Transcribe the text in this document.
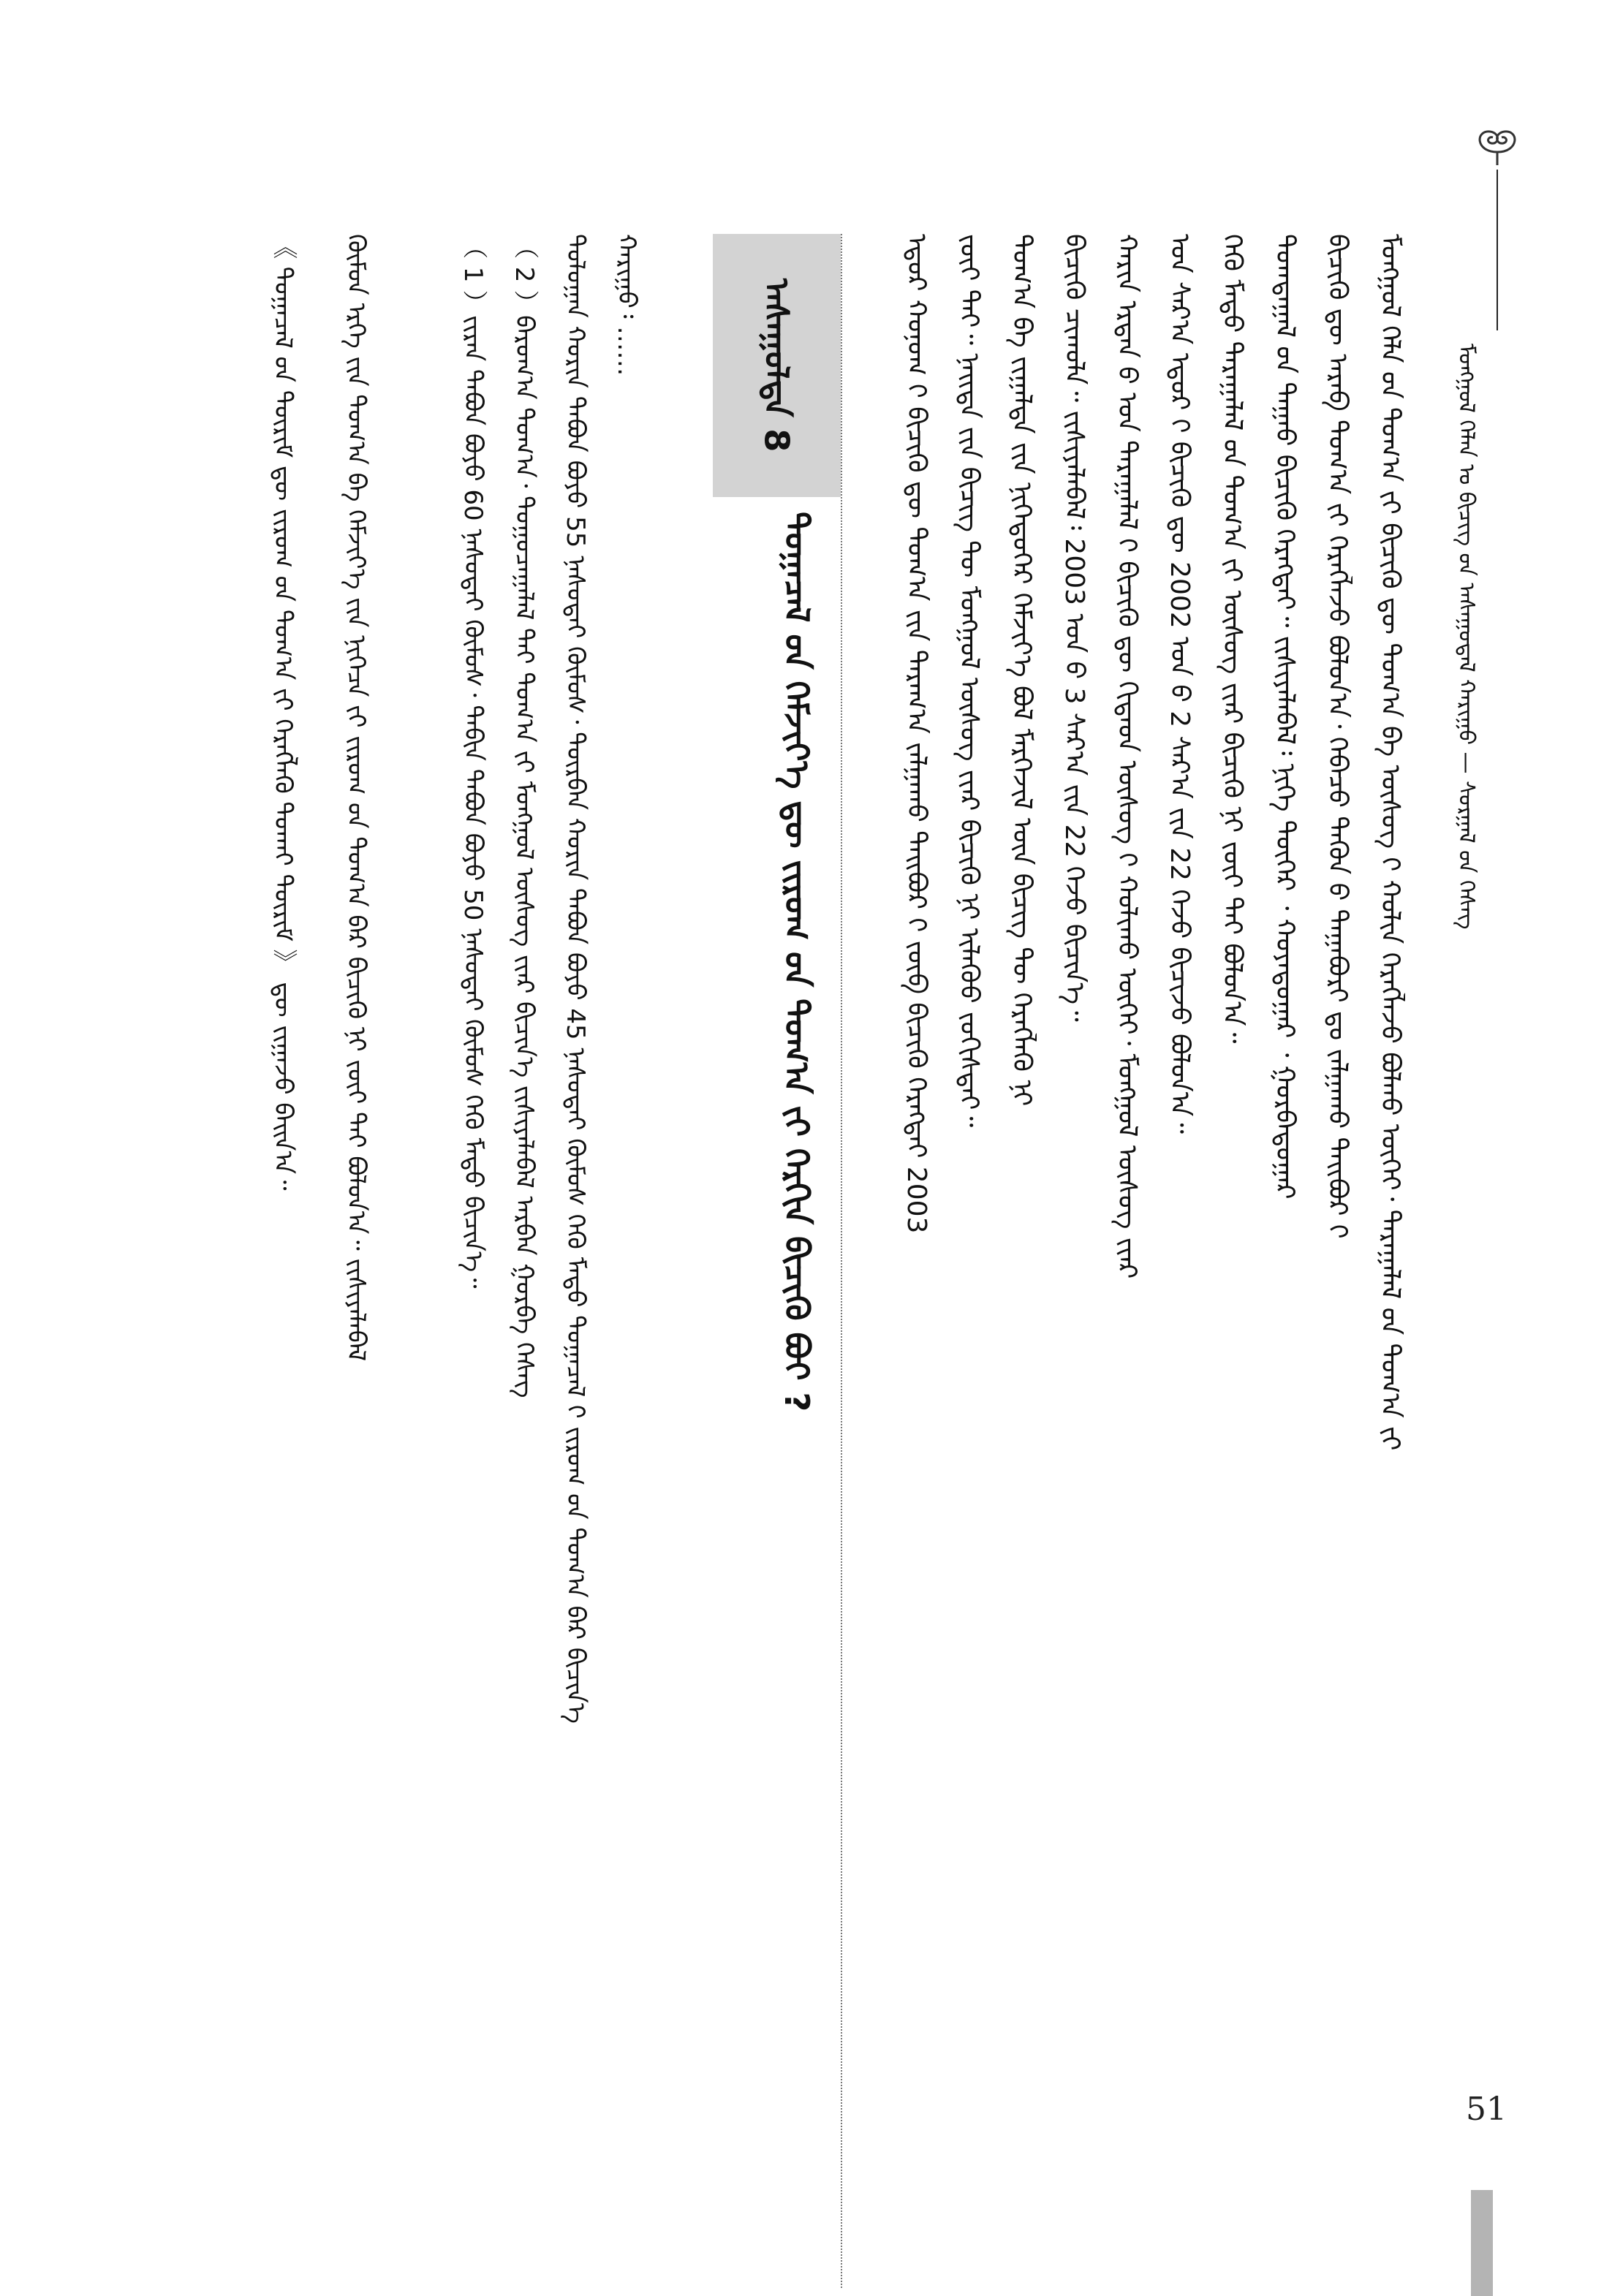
ᠮᠣᠩᠭᠣᠯ ᠬᠡᠯᠡᠨ ᠤ ᠪᠢᠴᠢᠭ ᠤ᠋ᠨ ᠠᠰᠠᠭᠤᠳᠠᠯ ᠬᠠᠷᠢᠭᠤ — ᠰᠤᠷᠭᠠᠯ ᠤ᠋ᠨ ᠬᠡᠰᠡᠭ
ᠮᠣᠩᠭᠣᠯ ᠬᠡᠯᠡ ᠤ᠋ᠨ ᠲᠣᠭ᠎ᠠ ᠶ᠋ᠢ ᠪᠢᠴᠢᠬᠦ ᠳᠦ ᠲᠣᠭ᠎ᠠ ᠪᠠ ᠦᠰᠦᠭ ᠢ᠋ ᠬᠣᠯᠢᠨ ᠬᠡᠷᠡᠭᠯᠡᠵᠦ ᠪᠣᠯᠬᠤ ᠦᠭᠡᠢ᠂ ᠳᠠᠷᠠᠭᠠᠯᠠᠯ ᠤ᠋ᠨ ᠲᠣᠭ᠎ᠠ ᠶ᠋ᠢ
ᠪᠢᠴᠢᠬᠦ ᠳᠦ ᠠᠷᠠᠪ ᠲᠣᠭ᠎ᠠ ᠶ᠋ᠢ ᠬᠡᠷᠡᠭᠯᠡᠵᠦ ᠪᠣᠯᠣᠨ᠎ᠠ᠂ ᠭᠡᠪᠡᠴᠦ ᠲᠡᠭᠦᠨ ᠦ᠌ ᠳᠠᠭᠠᠪᠤᠷᠢ ᠳᠤ ᠵᠠᠯᠭᠠᠬᠤ ᠳᠠᠢᠪᠤᠷ ᠢ᠋
ᠲᠣᠭᠲᠠᠭᠠᠯ ᠤ᠋ᠨ ᠳᠠᠭᠠᠤ ᠪᠢᠴᠢᠬᠦ ᠬᠡᠷᠡᠭᠲᠡᠢ᠃ ᠵᠢᠱᠢᠶᠡᠯᠡᠪᠡᠯ᠄ ᠨᠢᠭᠡ ᠳᠦᠭᠡᠷ ᠂ ᠬᠣᠶᠠᠳᠣᠭᠠᠷ ᠂ ᠭᠤᠷᠪᠠᠳᠤᠭᠠᠷ
ᠭᠡᠬᠦ ᠮᠡᠲᠦ ᠳᠠᠷᠠᠭᠠᠯᠠᠯ ᠤ᠋ᠨ ᠲᠣᠭ᠎ᠠ ᠶ᠋ᠢ ᠦᠰᠦᠭ ᠢ᠋ᠶ᠋ᠡᠷ ᠪᠢᠴᠢᠬᠦ ᠨᠢ ᠵᠦᠢ ᠲᠠᠢ ᠪᠣᠯᠤᠨ᠎ᠠ᠃
ᠣᠨ ᠰᠠᠷ᠎ᠠ ᠡᠳᠦᠷ ᠢ᠋ ᠪᠢᠴᠢᠬᠦ ᠳᠦ 2002 ᠣᠨ ᠤ᠋ 2 ᠰᠠᠷ᠎ᠠ ᠶ᠋ᠢᠨ 22 ᠭᠡᠵᠦ ᠪᠢᠴᠢᠵᠦ ᠪᠣᠯᠣᠨ᠎ᠠ᠃
ᠬᠠᠷᠢᠨ ᠡᠷᠲᠡᠨ ᠦ᠌ ᠣᠨ ᠳᠠᠷᠠᠭᠠᠯᠠᠯ ᠢ᠋ ᠪᠢᠴᠢᠬᠦ ᠳᠦ ᠬᠢᠲᠠᠳ ᠦᠰᠦᠭ ᠢ᠋ ᠬᠣᠯᠢᠬᠤ ᠦᠭᠡᠢ᠂ ᠮᠣᠩᠭᠣᠯ ᠦᠰᠦᠭ ᠢ᠋ᠶ᠋ᠡᠷ
ᠪᠢᠴᠢᠬᠦ ᠴᠢᠬᠤᠯᠠ᠃ ᠵᠢᠱᠢᠶᠡᠯᠡᠪᠡᠯ᠄ 2003 ᠣᠨ ᠤ᠋ 3 ᠰᠠᠷ᠎ᠠ ᠶ᠋ᠢᠨ 22 ᠭᠡᠵᠦ ᠪᠢᠴᠢᠨ᠎ᠡ᠃
ᠲᠣᠭ᠎ᠠ ᠪᠠ ᠵᠢᠭᠠᠯᠲᠠ ᠶ᠋ᠢᠨ ᠨᠢᠭᠡᠳᠦᠭᠡᠷ ᠬᠡᠮᠵᠢᠶ᠎ᠡ ᠪᠣᠯ ᠮᠡᠷᠭᠡᠵᠢᠯ ᠦ᠌ᠨ ᠪᠢᠴᠢᠭ ᠲᠦ ᠬᠡᠷᠡᠭᠯᠡᠬᠦ ᠨᠢ
ᠵᠦᠢ ᠲᠠᠢ᠃ ᠨᠡᠢᠲᠡ ᠶ᠋ᠢᠨ ᠪᠢᠴᠢᠭ ᠲᠦ ᠮᠣᠩᠭᠣᠯ ᠦᠰᠦᠭ ᠢ᠋ᠶ᠋ᠡᠷ ᠪᠢᠴᠢᠬᠦ ᠨᠢ ᠢᠯᠡᠭᠦᠦ ᠵᠣᠬᠢᠰᠲᠠᠢ᠃
ᠡᠳᠦᠷ ᠬᠣᠨᠣᠭ ᠢ᠋ ᠪᠢᠴᠢᠬᠦ ᠳᠦ ᠲᠣᠭ᠎ᠠ ᠶ᠋ᠢᠨ ᠳᠠᠷᠠᠭ᠎ᠠ ᠵᠠᠯᠭᠠᠬᠤ ᠳᠠᠢᠪᠤᠷ ᠢ᠋ ᠵᠦᠪ ᠪᠢᠴᠢᠬᠦ ᠬᠡᠷᠡᠭᠲᠡᠢ 2003
ᠠᠰᠠᠭᠤᠯᠲᠠ 8
ᠲᠣᠭᠠᠴᠠᠯ ᠤ᠋ᠨ ᠬᠡᠮᠵᠢᠶ᠎ᠡ ᠳᠦ ᠵᠢᠷᠣᠭ ᠤ᠋ᠨ ᠲᠣᠭ᠎ᠠ ᠶ᠋ᠢ ᠬᠡᠷᠬᠢᠨ ᠪᠢᠴᠢᠬᠦ ᠪᠤᠢ ?
ᠬᠠᠷᠢᠭᠤ᠄ ……
ᠳᠤᠯᠤᠭᠠᠨ ᠬᠣᠷᠢᠨ ᠲᠠᠪᠤᠨ ᠪᠤᠶᠤ 55 ᠨᠠᠰᠤᠲᠠᠢ ᠬᠦᠮᠦᠰ᠂ ᠳᠥᠷᠪᠡᠨ ᠬᠣᠷᠢᠨ ᠲᠠᠪᠤᠨ ᠪᠤᠶᠤ 45 ᠨᠠᠰᠤᠲᠠᠢ ᠬᠦᠮᠦᠰ ᠭᠡᠬᠦ ᠮᠡᠲᠦ ᠲᠣᠭᠠᠴᠠᠯ ᠢ᠋ ᠵᠢᠷᠣᠭ ᠤ᠋ᠨ ᠲᠣᠭ᠎ᠠ ᠪᠠᠷ ᠪᠢᠴᠢᠨ᠎ᠡ
（ 2 ）ᠪᠠᠷᠤᠭ᠎ᠠ ᠲᠣᠭ᠎ᠠ᠂ ᠲᠣᠭᠣᠴᠠᠭᠠᠯᠠᠯ ᠲᠠᠢ ᠲᠣᠭ᠎ᠠ ᠶ᠋ᠢ ᠮᠣᠩᠭᠣᠯ ᠦᠰᠦᠭ ᠢ᠋ᠶ᠋ᠡᠷ ᠪᠢᠴᠢᠨ᠎ᠡ ᠵᠢᠱᠢᠶᠡᠯᠡᠪᠡᠯ ᠠᠷᠪᠠᠨ ᠭᠤᠷᠪᠠ ᠬᠡᠰᠡᠭ
（ 1 ）ᠵᠢᠷᠠᠨ ᠲᠠᠪᠤᠨ ᠪᠤᠶᠤ 60 ᠨᠠᠰᠤᠲᠠᠢ ᠬᠦᠮᠦᠰ᠂ ᠲᠠᠪᠢᠨ ᠲᠠᠪᠤᠨ ᠪᠤᠶᠤ 50 ᠨᠠᠰᠤᠲᠠᠢ ᠬᠦᠮᠦᠰ ᠭᠡᠬᠦ ᠮᠡᠲᠦ ᠪᠢᠴᠢᠨ᠎ᠡ᠃
ᠬᠦᠮᠦᠨ ᠡᠷᠬᠡ ᠶ᠋ᠢᠨ ᠲᠣᠭ᠎ᠠ ᠪᠠ ᠬᠡᠮᠵᠢᠶ᠎ᠡ ᠶ᠋ᠢᠨ ᠨᠢᠭᠡᠴᠡ ᠶ᠋ᠢ ᠵᠢᠷᠣᠭ ᠤ᠋ᠨ ᠲᠣᠭ᠎ᠠ ᠪᠠᠷ ᠪᠢᠴᠢᠬᠦ ᠨᠢ ᠵᠦᠢ ᠲᠠᠢ ᠪᠣᠯᠤᠨ᠎ᠠ᠃ ᠵᠢᠱᠢᠶᠡᠯᠡᠪᠡᠯ
《 ᠲᠣᠭᠠᠴᠠᠯ ᠤ᠋ᠨ ᠳᠦᠷᠢᠮ ᠳᠦ ᠵᠢᠷᠣᠭ ᠤ᠋ᠨ ᠲᠣᠭ᠎ᠠ ᠶ᠋ᠢ ᠬᠡᠷᠡᠭᠯᠡᠬᠦ ᠲᠤᠬᠠᠢ ᠳᠦᠷᠢᠮ 》 ᠳᠦ ᠵᠢᠭᠠᠵᠤ ᠪᠠᠢᠨ᠎ᠠ᠃
51
